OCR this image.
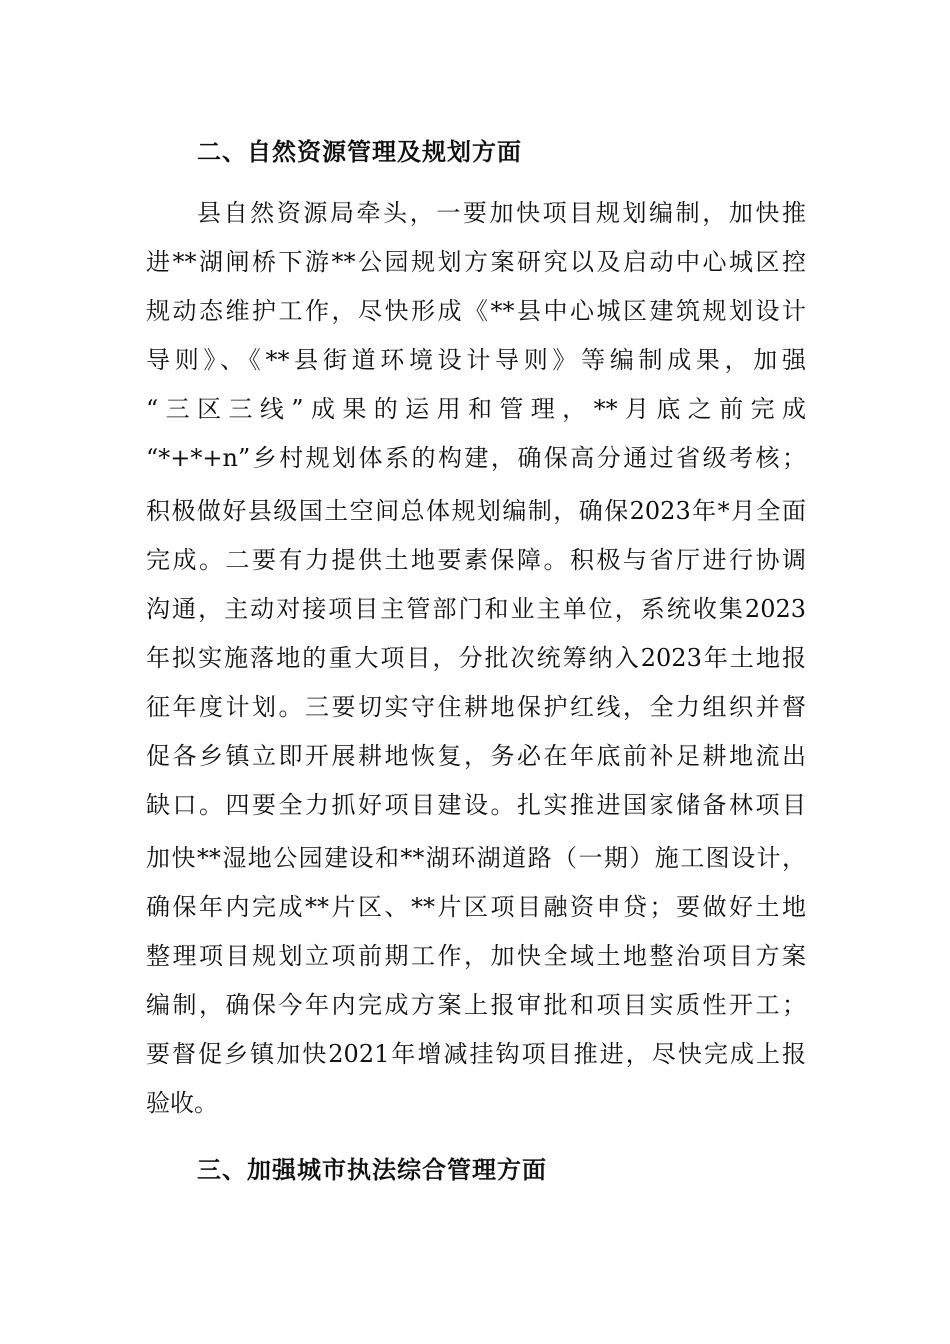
二、自然资源管理及规划方面
县自然资源局牵头，一要加快项目规划编制，加快推
进**湖闸桥下游**公园规划方案研究以及启动中心城区控
规动态维护工作，尽快形成《**县中心城区建筑规划设计
导则》、《**县街道环境设计导则》等编制成果，加强
“三区三线”成果的运用和管理，**月底之前完成
“*+*+n”乡村规划体系的构建，确保高分通过省级考核；
积极做好县级国土空间总体规划编制，确保2023年*月全面
完成。二要有力提供土地要素保障。积极与省厅进行协调
沟通，主动对接项目主管部门和业主单位，系统收集2023
年拟实施落地的重大项目，分批次统筹纳入2023年土地报
征年度计划。三要切实守住耕地保护红线，全力组织并督
促各乡镇立即开展耕地恢复，务必在年底前补足耕地流出
缺口。四要全力抓好项目建设。扎实推进国家储备林项目
加快**湿地公园建设和**湖环湖道路（一期）施工图设计，
确保年内完成**片区、**片区项目融资申贷；要做好土地
整理项目规划立项前期工作，加快全域土地整治项目方案
编制，确保今年内完成方案上报审批和项目实质性开工；
要督促乡镇加快2021年增减挂钩项目推进，尽快完成上报
验收。
三、加强城市执法综合管理方面
